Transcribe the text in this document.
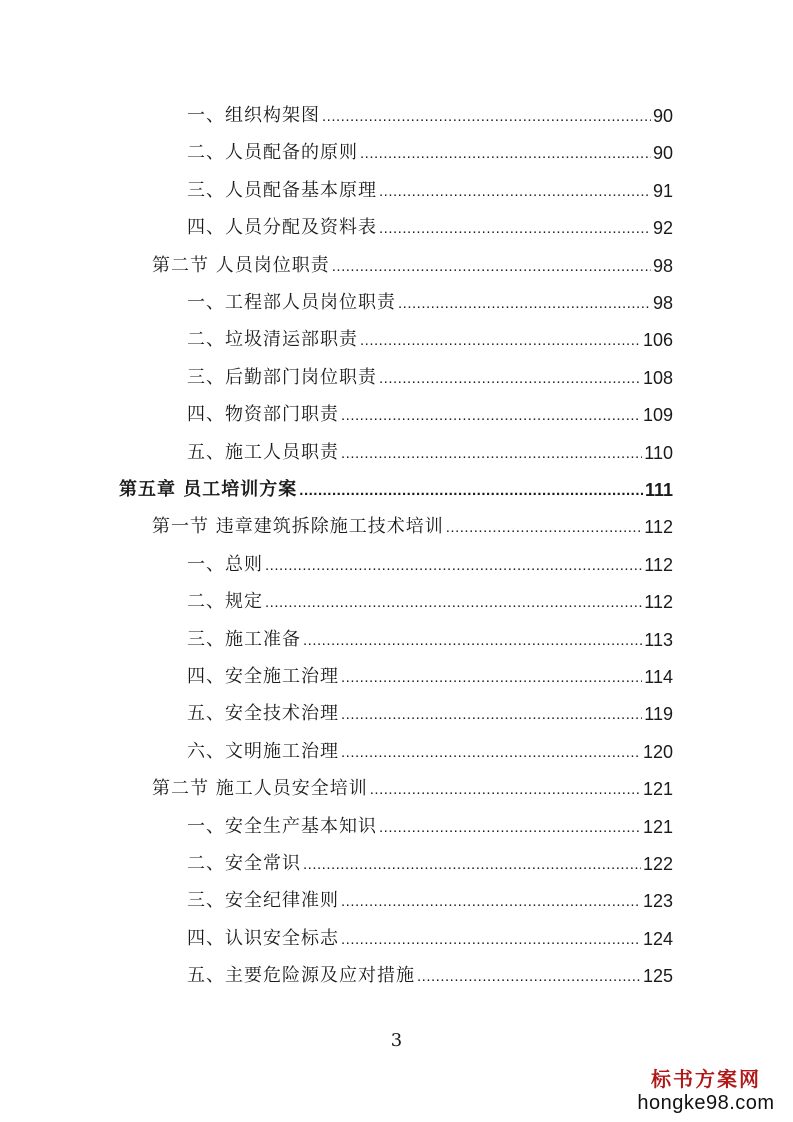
一、组织构架图 .....	90
二、人员配备的原则 .....	90
三、人员配备基本原理 .....	91
四、人员分配及资料表 .....	92
第二节 人员岗位职责 .....	98
一、工程部人员岗位职责 .....	98
二、垃圾清运部职责 .....	106
三、后勤部门岗位职责 .....	108
四、物资部门职责 .....	109
五、施工人员职责 .....	110
第五章 员工培训方案 .....	111
第一节 违章建筑拆除施工技术培训 .....	112
一、总则 .....	112
二、规定 .....	112
三、施工准备 .....	113
四、安全施工治理 .....	114
五、安全技术治理 .....	119
六、文明施工治理 .....	120
第二节 施工人员安全培训 .....	121
一、安全生产基本知识 .....	121
二、安全常识 .....	122
三、安全纪律准则 .....	123
四、认识安全标志 .....	124
五、主要危险源及应对措施 .....	125
3
标书方案网
hongke98.com
